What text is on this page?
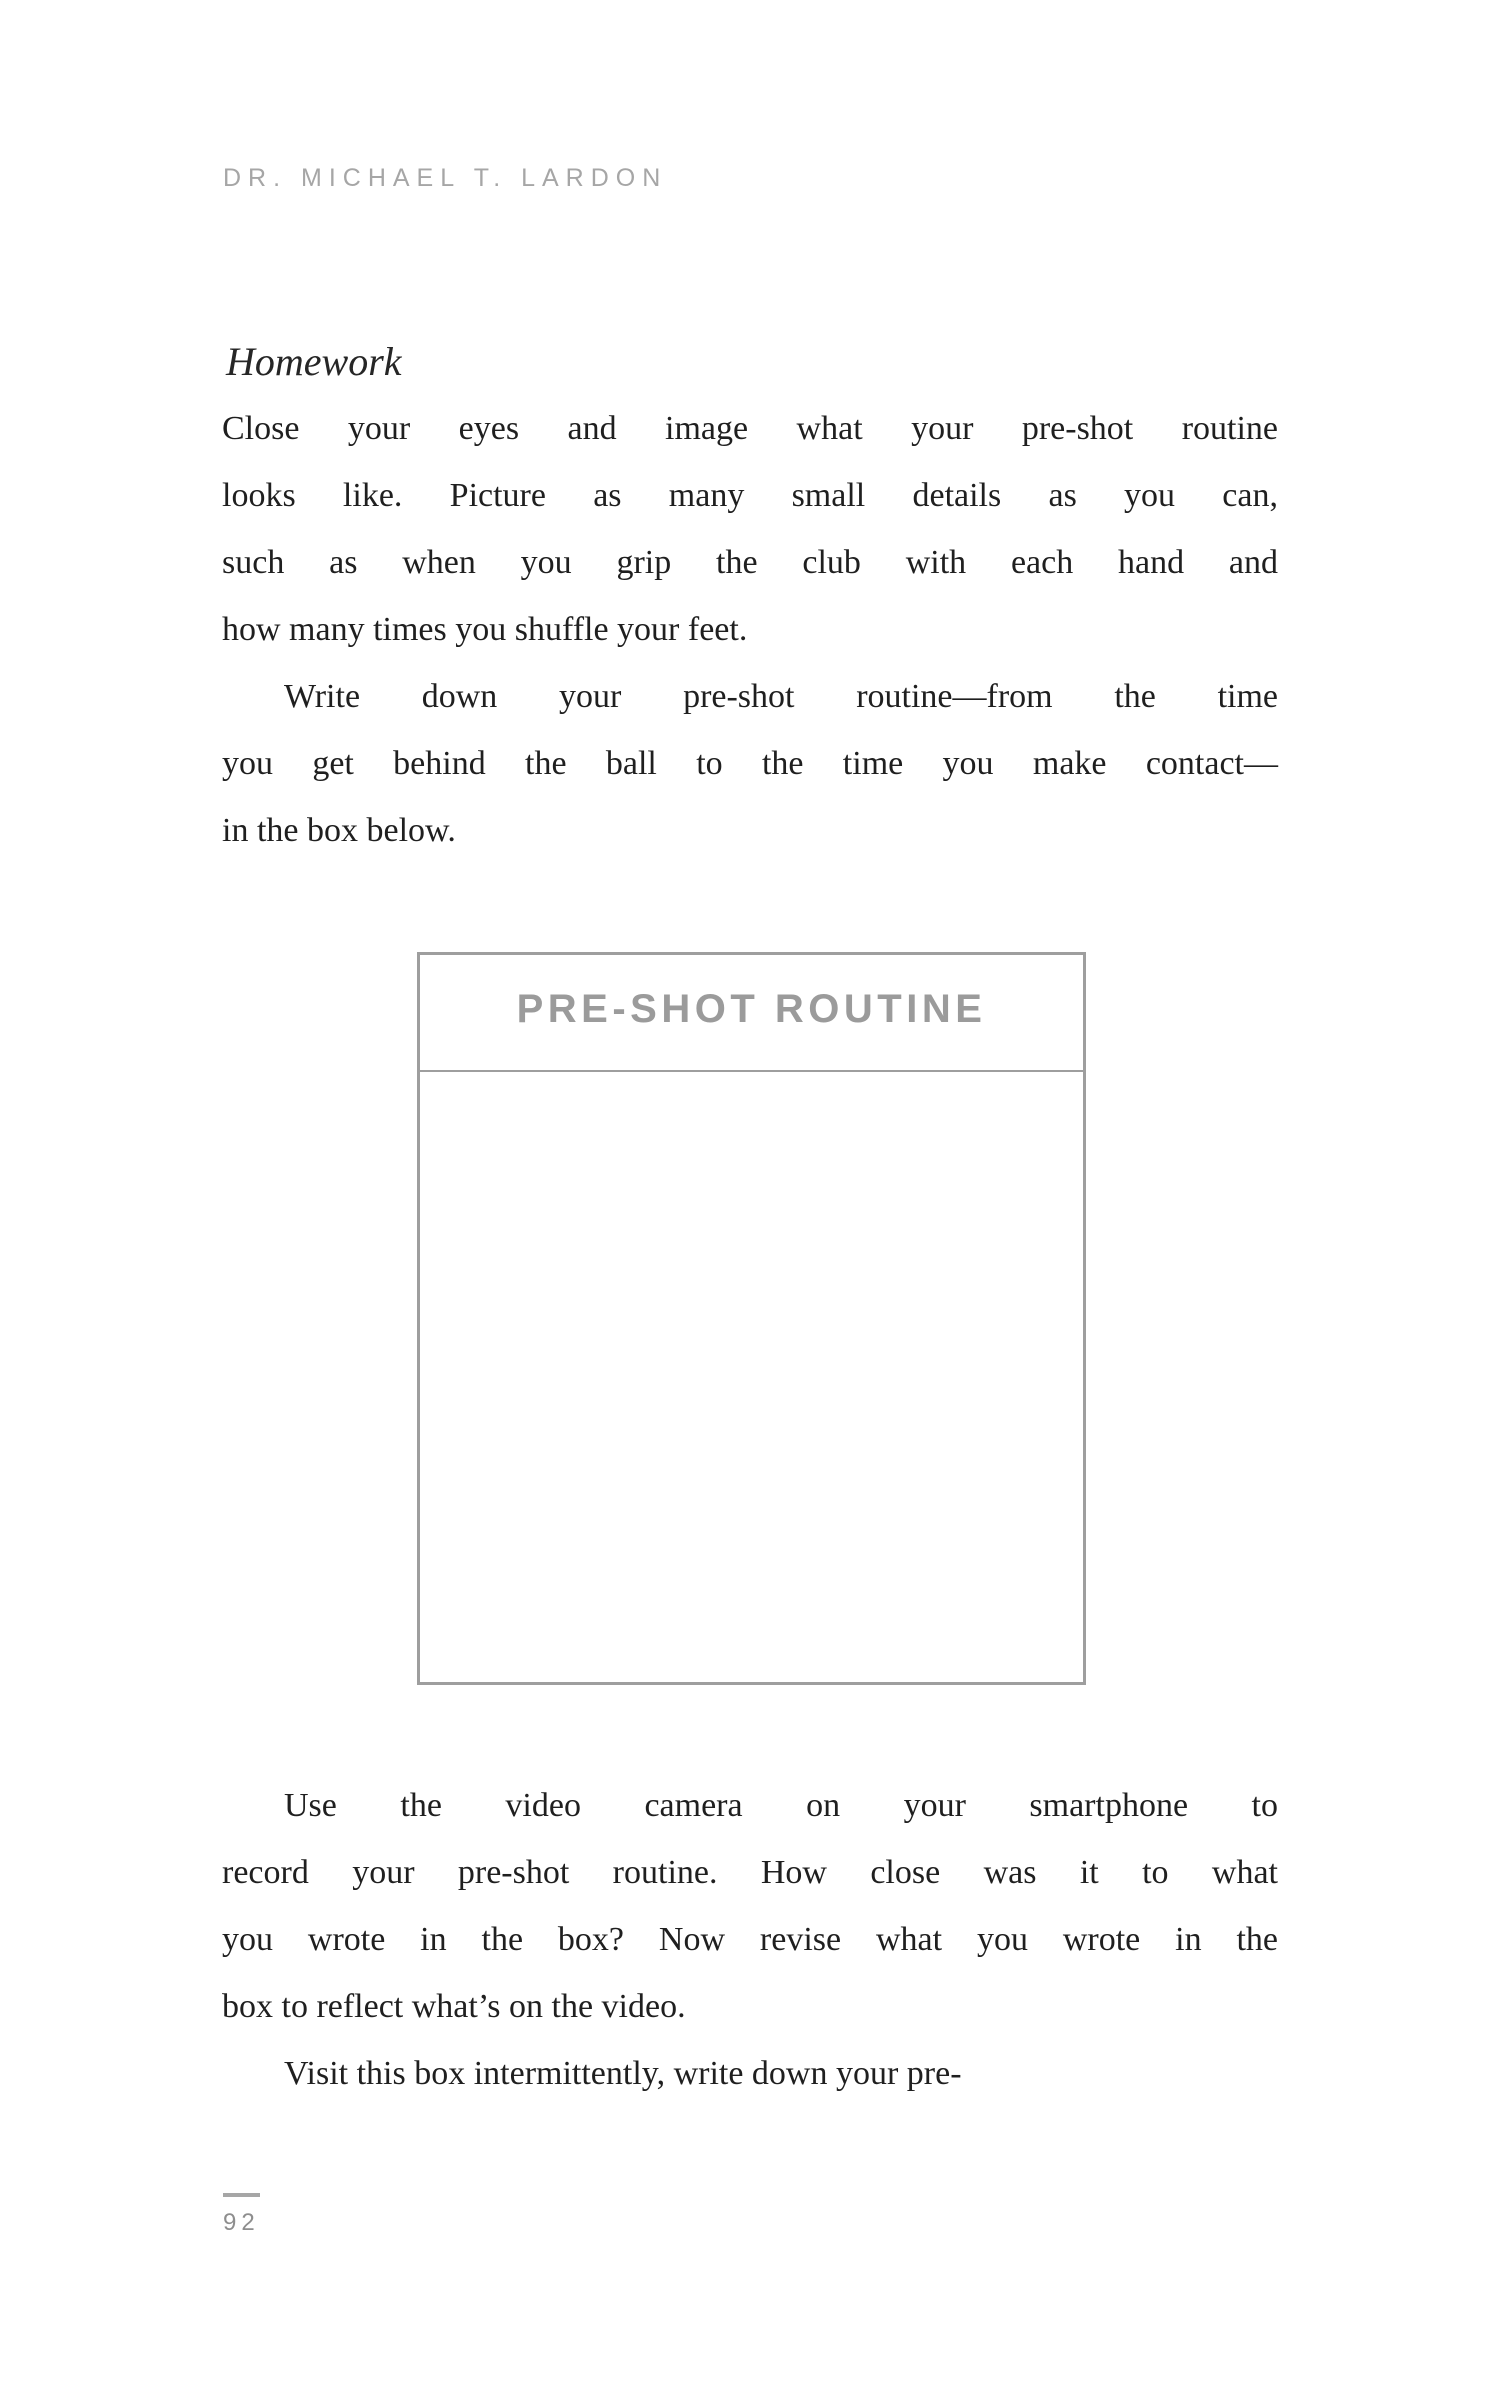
DR. MICHAEL T. LARDON
Homework
Close your eyes and image what your pre-shot routine
looks like. Picture as many small details as you can,
such as when you grip the club with each hand and
how many times you shuffle your feet.
Write down your pre-shot routine—from the time
you get behind the ball to the time you make contact—
in the box below.
PRE-SHOT ROUTINE
Use the video camera on your smartphone to
record your pre-shot routine. How close was it to what
you wrote in the box? Now revise what you wrote in the
box to reflect what’s on the video.
Visit this box intermittently, write down your pre-
92
